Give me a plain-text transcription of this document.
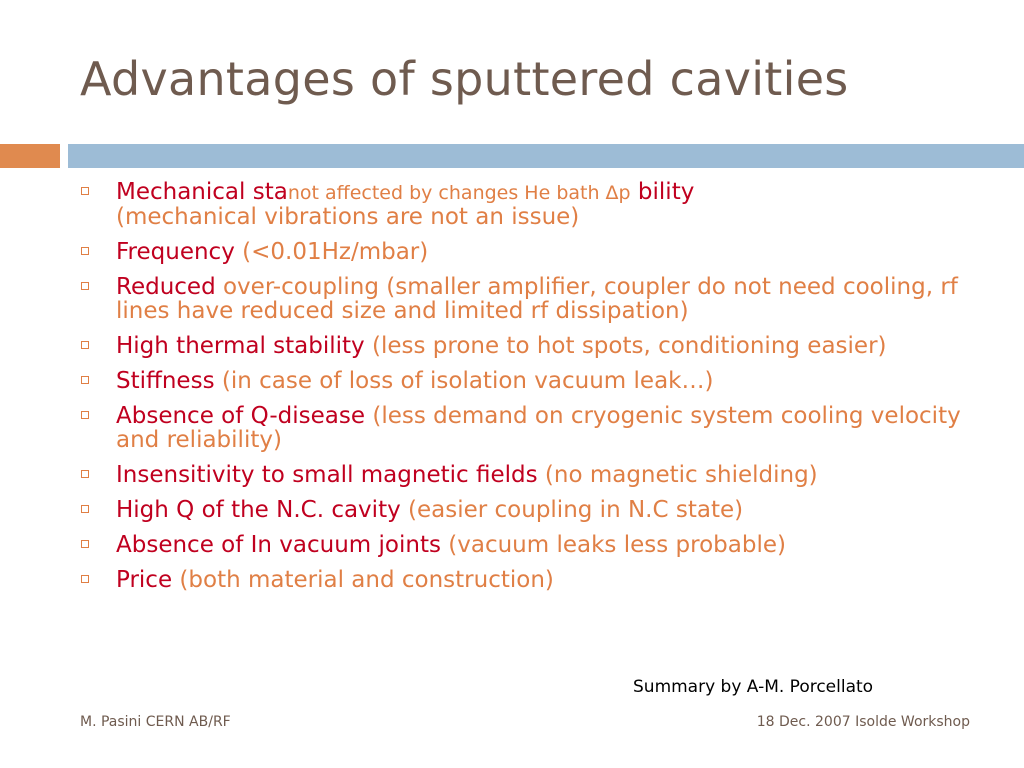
Advantages of sputtered cavities
Mechanical stanot affected by changes He bath Δp bility
(mechanical vibrations are not an issue)
Frequency (<0.01Hz/mbar)
Reduced over-coupling (smaller amplifier, coupler do not need cooling, rf lines have reduced size and limited rf dissipation)
High thermal stability (less prone to hot spots, conditioning easier)
Stiffness (in case of loss of isolation vacuum leak…)
Absence of Q-disease (less demand on cryogenic system cooling velocity and reliability)
Insensitivity to small magnetic fields (no magnetic shielding)
High Q of the N.C. cavity (easier coupling in N.C state)
Absence of In vacuum joints (vacuum leaks less probable)
Price (both material and construction)
Summary by A-M. Porcellato
M. Pasini CERN AB/RF	18 Dec. 2007 Isolde Workshop
